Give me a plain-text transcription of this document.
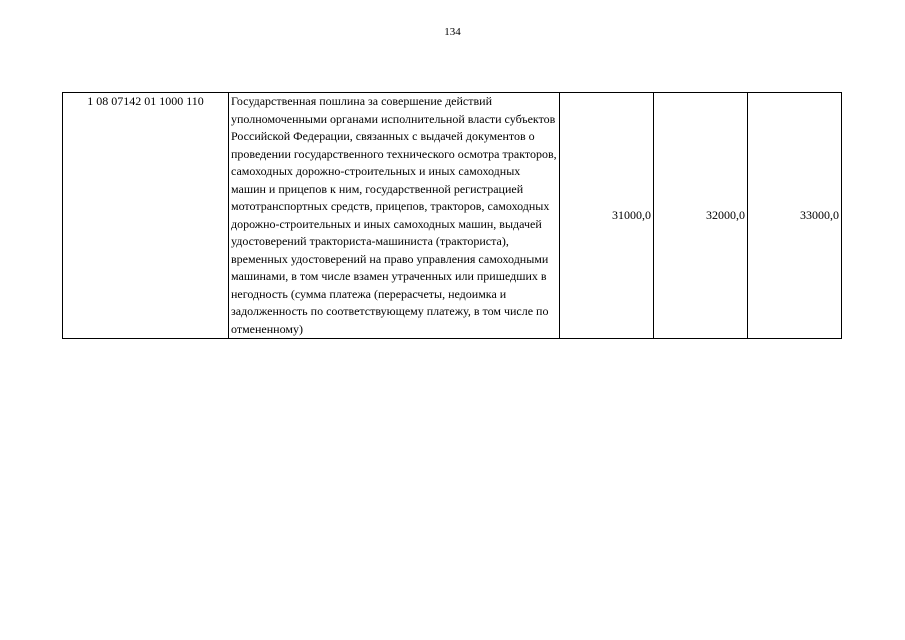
134
1 08 07142 01 1000 110	Государственная пошлина за совершение действий уполномоченными органами исполнительной власти субъектов Российской Федерации, связанных с выдачей документов о проведении государственного технического осмотра тракторов, самоходных дорожно-строительных и иных самоходных машин и прицепов к ним, государственной регистрацией мототранспортных средств, прицепов, тракторов, самоходных дорожно-строительных и иных самоходных машин, выдачей удостоверений тракториста-машиниста (тракториста), временных удостоверений на право управления самоходными машинами, в том числе взамен утраченных или пришедших в негодность (сумма платежа (перерасчеты, недоимка и задолженность по соответствующему платежу, в том числе по отмененному)	31000,0	32000,0	33000,0
